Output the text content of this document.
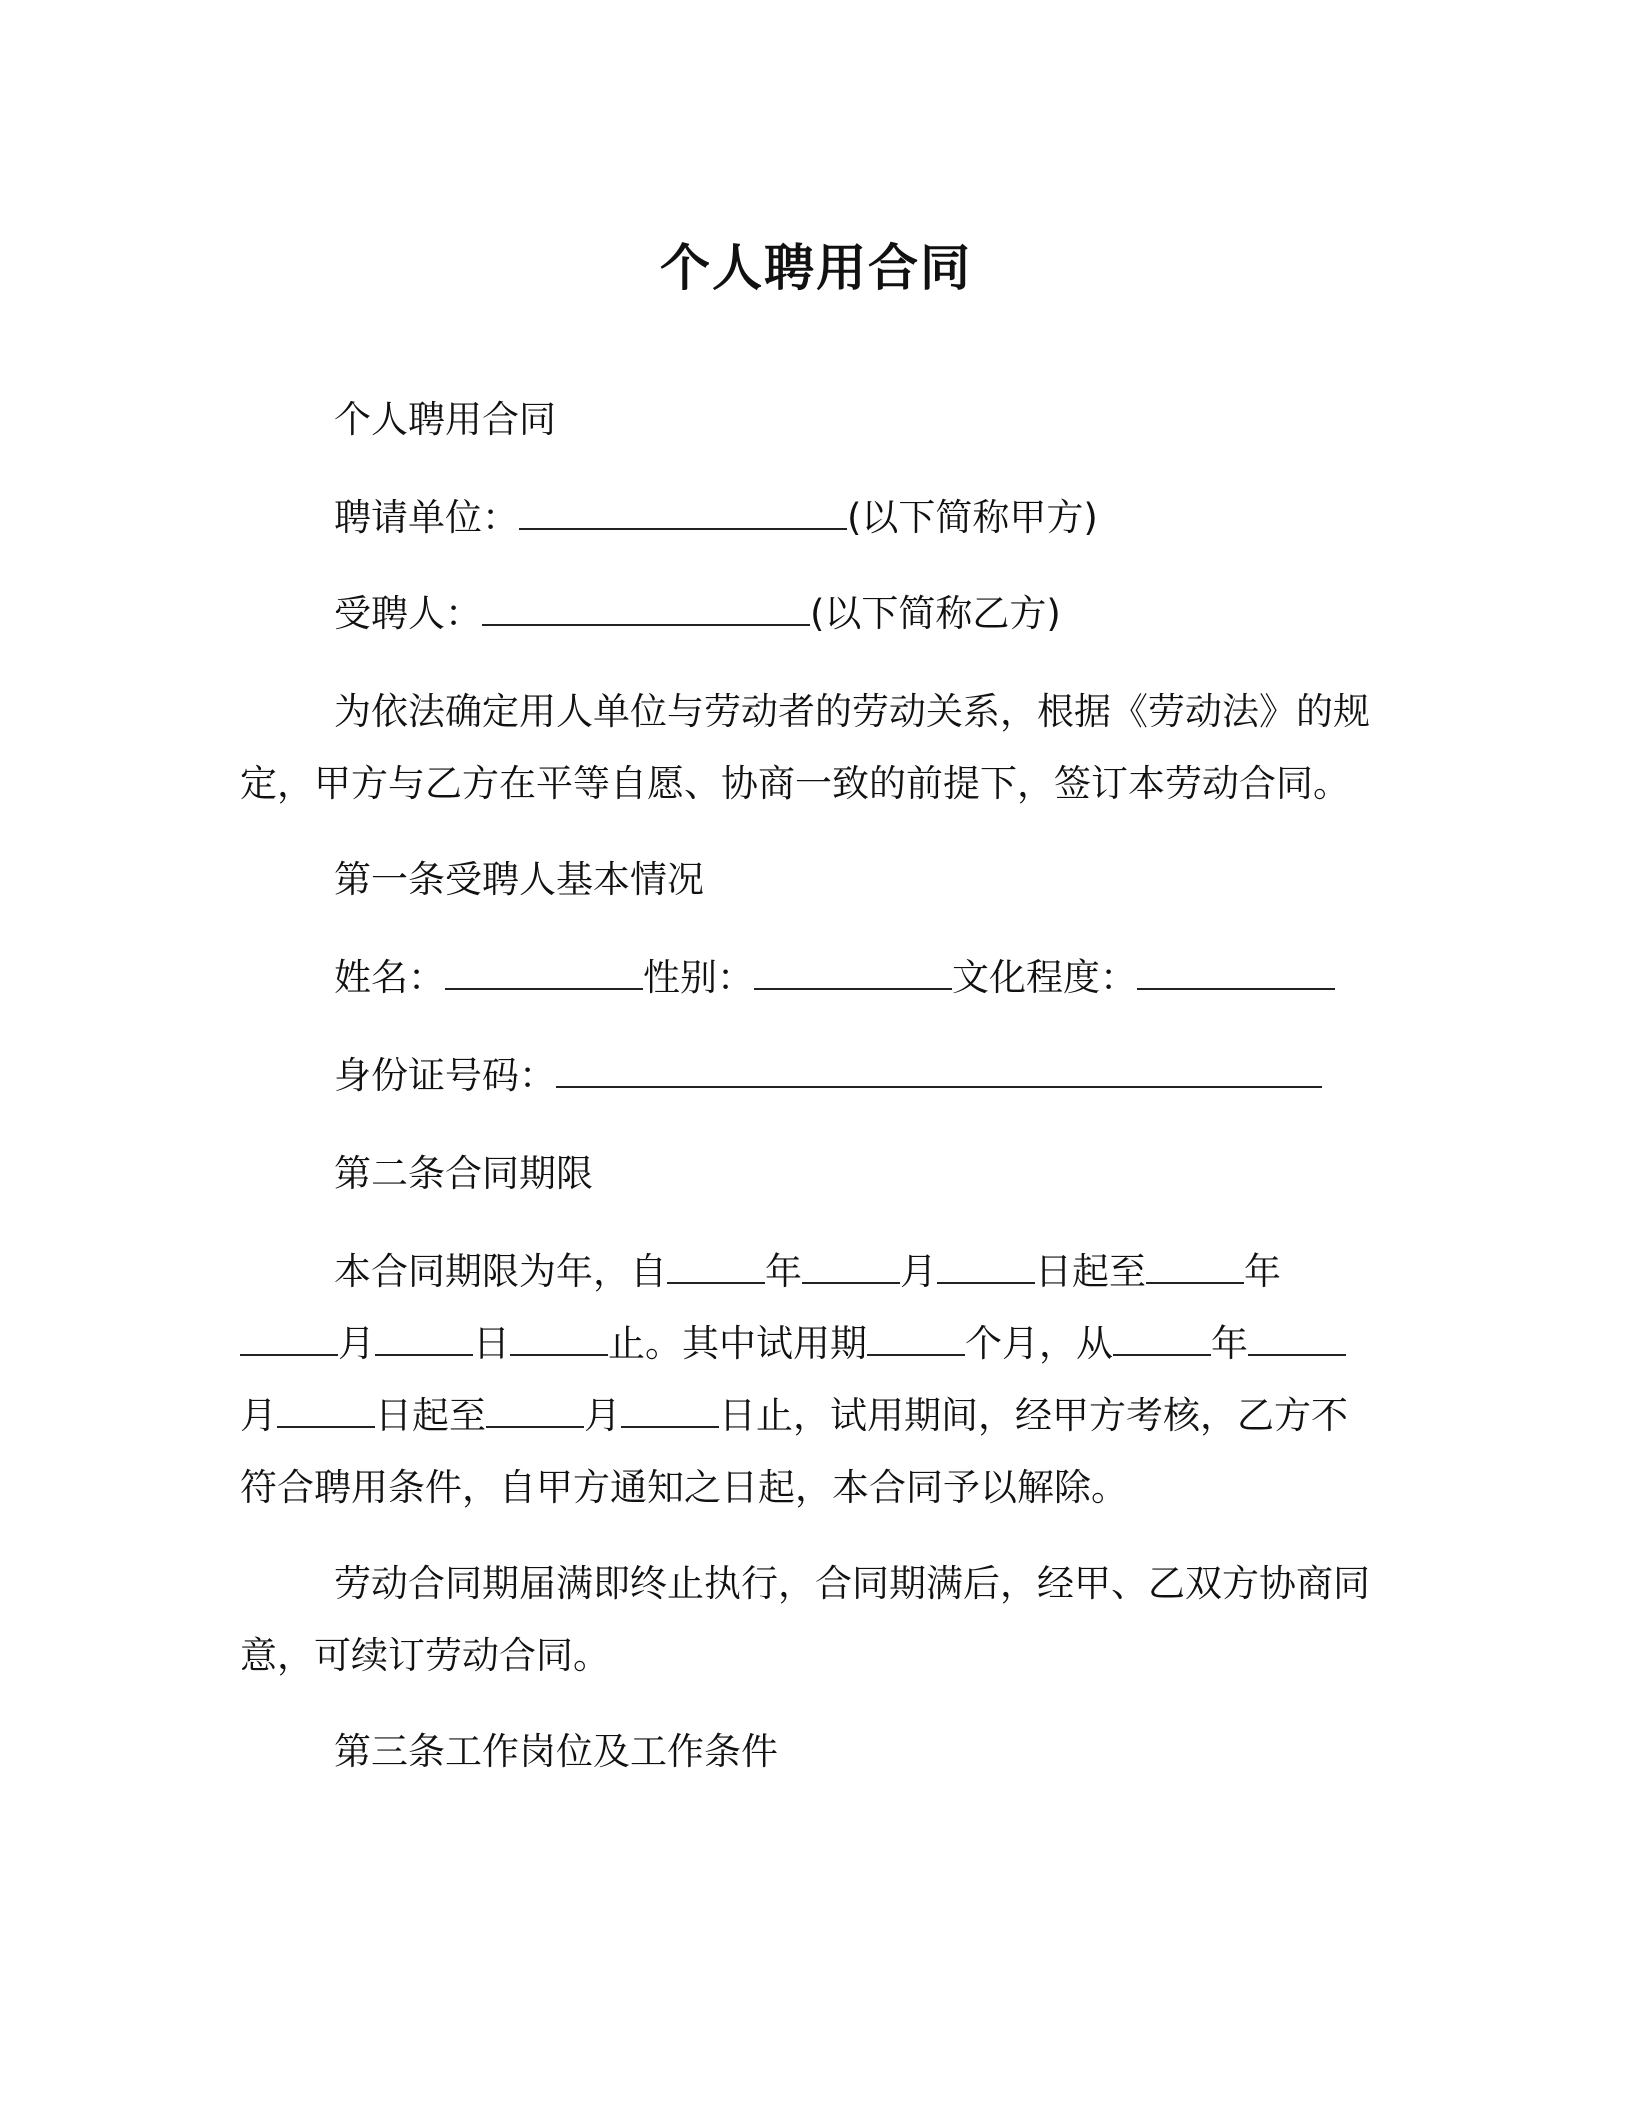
个人聘用合同

个人聘用合同

聘请单位：	(以下简称甲方)

受聘人：	(以下简称乙方)

为依法确定用人单位与劳动者的劳动关系，根据《劳动法》的规
定，甲方与乙方在平等自愿、协商一致的前提下，签订本劳动合同。

第一条受聘人基本情况

姓名：	性别：	文化程度：

身份证号码：

第二条合同期限

本合同期限为年，自	年	月	日起至	年
月	日	止。其中试用期	个月，从	年
月	日起至	月	日止，试用期间，经甲方考核，乙方不
符合聘用条件，自甲方通知之日起，本合同予以解除。
劳动合同期届满即终止执行，合同期满后，经甲、乙双方协商同
意，可续订劳动合同。

第三条工作岗位及工作条件
